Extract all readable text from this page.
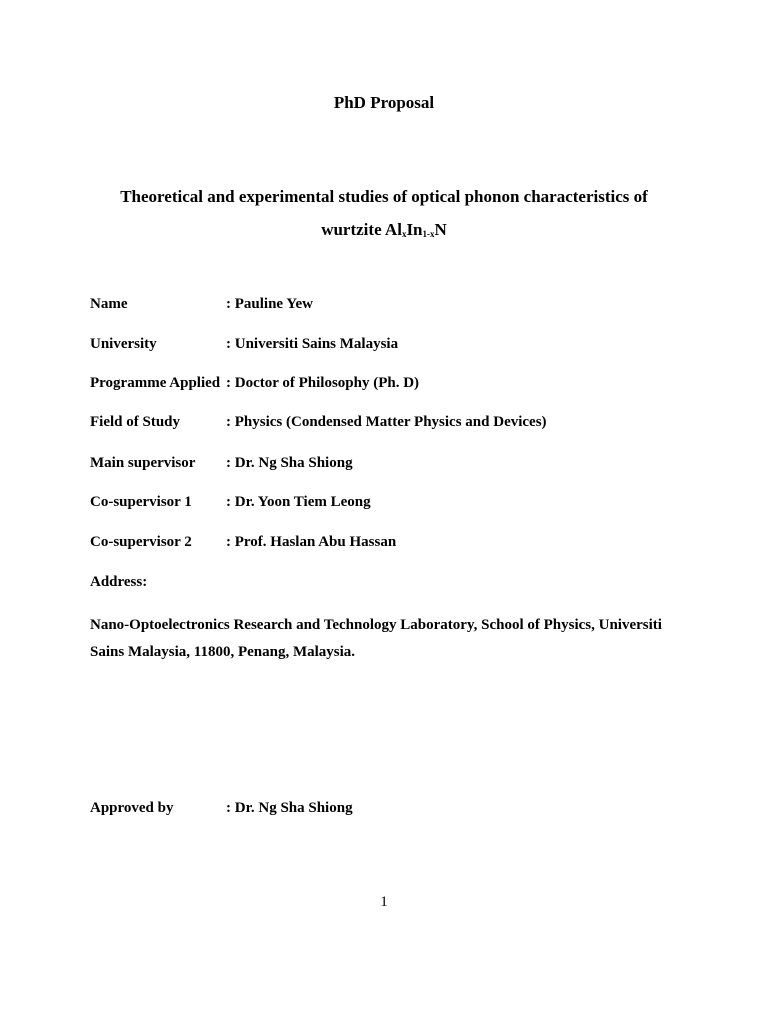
PhD Proposal
Theoretical and experimental studies of optical phonon characteristics of
wurtzite $Al_xIn_{1-x}N$
Name	: Pauline Yew
University	: Universiti Sains Malaysia
Programme Applied : Doctor of Philosophy (Ph. D)
Field of Study	: Physics (Condensed Matter Physics and Devices)
Main supervisor : Dr. Ng Sha Shiong
Co-supervisor 1 : Dr. Yoon Tiem Leong
Co-supervisor 2 : Prof. Haslan Abu Hassan
Address:
Nano-Optoelectronics Research and Technology Laboratory, School of Physics, Universiti Sains Malaysia, 11800, Penang, Malaysia.
Approved by	: Dr. Ng Sha Shiong
1
